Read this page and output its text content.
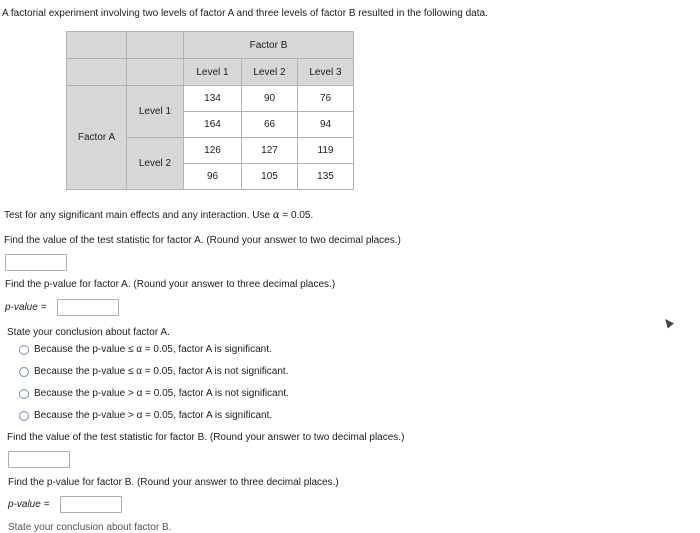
A factorial experiment involving two levels of factor A and three levels of factor B resulted in the following data.
		Factor B		
		Level 1	Level 2	Level 3
Factor A	Level 1	134	90	76
		164	66	94
	Level 2	126	127	119
		96	105	135
Test for any significant main effects and any interaction. Use α = 0.05.
Find the value of the test statistic for factor A. (Round your answer to two decimal places.)
Find the p-value for factor A. (Round your answer to three decimal places.)
p-value =
State your conclusion about factor A.
Because the p-value ≤ α = 0.05, factor A is significant.
Because the p-value ≤ α = 0.05, factor A is not significant.
Because the p-value > α = 0.05, factor A is not significant.
Because the p-value > α = 0.05, factor A is significant.
Find the value of the test statistic for factor B. (Round your answer to two decimal places.)
Find the p-value for factor B. (Round your answer to three decimal places.)
p-value =
State your conclusion about factor B.
